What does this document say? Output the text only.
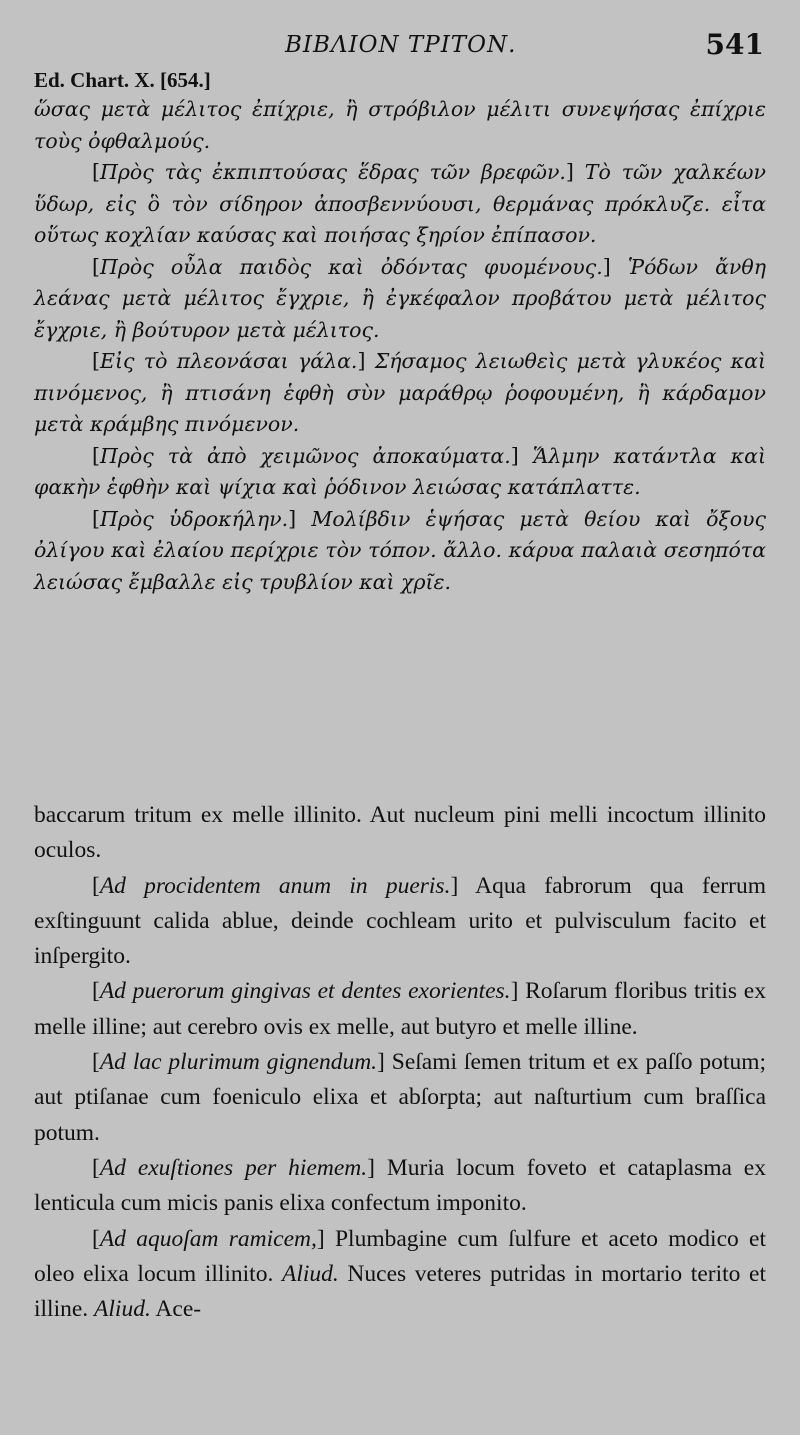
ΒΙΒΛΙΟΝ ΤΡΙΤΟΝ.	541
Ed. Chart. X. [654.]

ὥσας μετὰ μέλιτος ἐπίχριε, ἢ στρόβιλον μέλιτι συνεψήσας ἐπίχριε τοὺς ὀφθαλμούς.

[Πρὸς τὰς ἐκπιπτούσας ἕδρας τῶν βρεφῶν.] Τὸ τῶν χαλκέων ὕδωρ, εἰς ὃ τὸν σίδηρον ἀποσβεννύουσι, θερμάνας πρόκλυζε. εἶτα οὕτως κοχλίαν καύσας καὶ ποιήσας ξηρίον ἐπίπασον.

[Πρὸς οὖλα παιδὸς καὶ ὀδόντας φυομένους.] Ῥόδων ἄνθη λεάνας μετὰ μέλιτος ἔγχριε, ἢ ἐγκέφαλον προβάτου μετὰ μέλιτος ἔγχριε, ἢ βούτυρον μετὰ μέλιτος.

[Εἰς τὸ πλεονάσαι γάλα.] Σήσαμος λειωθεὶς μετὰ γλυκέος καὶ πινόμενος, ἢ πτισάνη ἑφθὴ σὺν μαράθρῳ ῥοφουμένη, ἢ κάρδαμον μετὰ κράμβης πινόμενον.

[Πρὸς τὰ ἀπὸ χειμῶνος ἀποκαύματα.] Ἅλμην κατάντλα καὶ φακὴν ἑφθὴν καὶ ψίχια καὶ ῥόδινον λειώσας κατάπλαττε.

[Πρὸς ὑδροκήλην.] Μολίβδιν ἑψήσας μετὰ θείου καὶ ὄξους ὀλίγου καὶ ἐλαίου περίχριε τὸν τόπον. ἄλλο. κάρυα παλαιὰ σεσηπότα λειώσας ἔμβαλλε εἰς τρυβλίον καὶ χρῖε.

baccarum tritum ex melle illinito. Aut nucleum pini melli incoctum illinito oculos.

[Ad procidentem anum in pueris.] Aqua fabrorum qua ferrum exſtinguunt calida ablue, deinde cochleam urito et pulvisculum facito et inſpergito.

[Ad puerorum gingivas et dentes exorientes.] Roſarum floribus tritis ex melle illine; aut cerebro ovis ex melle, aut butyro et melle illine.

[Ad lac plurimum gignendum.] Seſami ſemen tritum et ex paſſo potum; aut ptiſanae cum foeniculo elixa et abſorpta; aut naſturtium cum braſſica potum.

[Ad exuſtiones per hiemem.] Muria locum foveto et cataplasma ex lenticula cum micis panis elixa confectum imponito.

[Ad aquoſam ramicem,] Plumbagine cum ſulfure et aceto modico et oleo elixa locum illinito. Aliud. Nuces veteres putridas in mortario terito et illine. Aliud. Ace-
